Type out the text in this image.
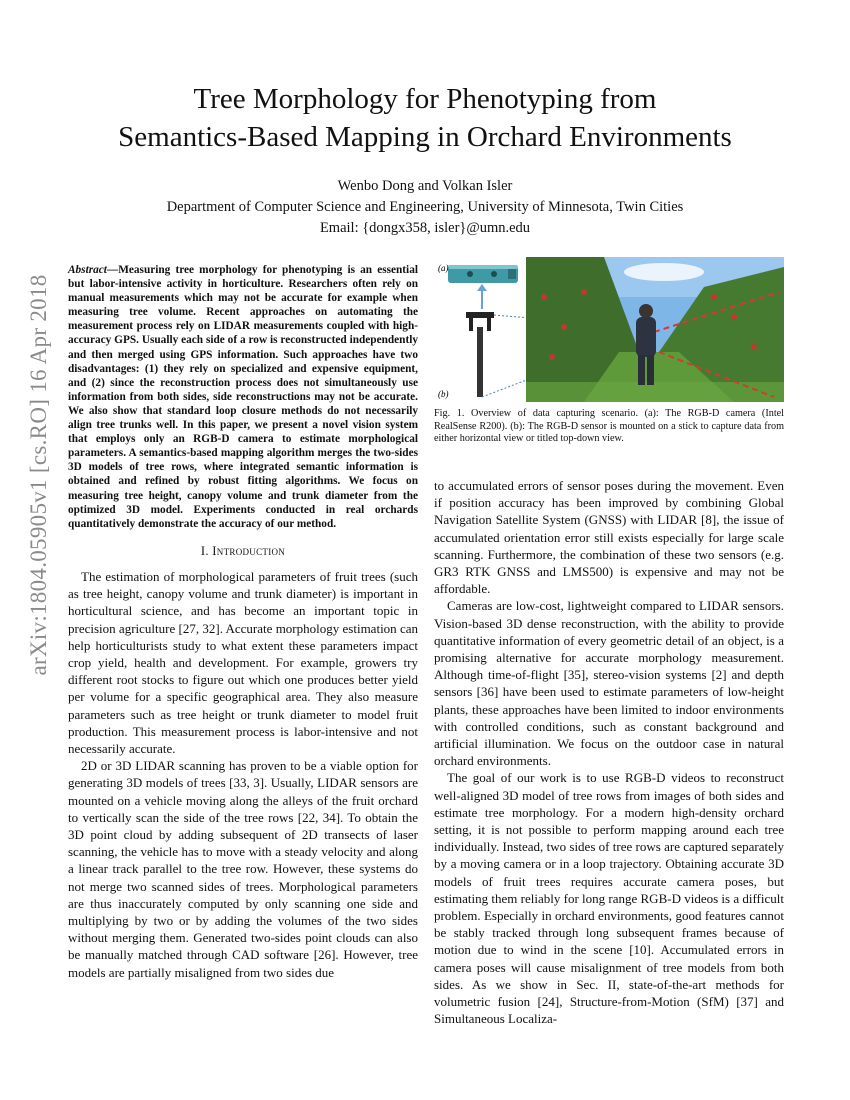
Tree Morphology for Phenotyping from
Semantics-Based Mapping in Orchard Environments
Wenbo Dong and Volkan Isler
Department of Computer Science and Engineering, University of Minnesota, Twin Cities
Email: {dongx358, isler}@umn.edu
arXiv:1804.05905v1 [cs.RO] 16 Apr 2018

Abstract—Measuring tree morphology for phenotyping is an essential but labor-intensive activity in horticulture. Researchers often rely on manual measurements which may not be accurate for example when measuring tree volume. Recent approaches on automating the measurement process rely on LIDAR measurements coupled with high-accuracy GPS. Usually each side of a row is reconstructed independently and then merged using GPS information. Such approaches have two disadvantages: (1) they rely on specialized and expensive equipment, and (2) since the reconstruction process does not simultaneously use information from both sides, side reconstructions may not be accurate. We also show that standard loop closure methods do not necessarily align tree trunks well. In this paper, we present a novel vision system that employs only an RGB-D camera to estimate morphological parameters. A semantics-based mapping algorithm merges the two-sides 3D models of tree rows, where integrated semantic information is obtained and refined by robust fitting algorithms. We focus on measuring tree height, canopy volume and trunk diameter from the optimized 3D model. Experiments conducted in real orchards quantitatively demonstrate the accuracy of our method.

I. Introduction

The estimation of morphological parameters of fruit trees (such as tree height, canopy volume and trunk diameter) is important in horticultural science, and has become an important topic in precision agriculture [27, 32]. Accurate morphology estimation can help horticulturists study to what extent these parameters impact crop yield, health and development. For example, growers try different root stocks to figure out which one produces better yield per volume for a specific geographical area. They also measure parameters such as tree height or trunk diameter to model fruit production. This measurement process is labor-intensive and not necessarily accurate.

2D or 3D LIDAR scanning has proven to be a viable option for generating 3D models of trees [33, 3]. Usually, LIDAR sensors are mounted on a vehicle moving along the alleys of the fruit orchard to vertically scan the side of the tree rows [22, 34]. To obtain the 3D point cloud by adding subsequent of 2D transects of laser scanning, the vehicle has to move with a steady velocity and along a linear track parallel to the tree row. However, these systems do not merge two scanned sides of trees. Morphological parameters are thus inaccurately computed by only scanning one side and multiplying by two or by adding the volumes of the two sides without merging them. Generated two-sides point clouds can also be manually matched through CAD software [26]. However, tree models are partially misaligned from two sides due

(a)
(b)
Fig. 1. Overview of data capturing scenario. (a): The RGB-D camera (Intel RealSense R200). (b): The RGB-D sensor is mounted on a stick to capture data from either horizontal view or titled top-down view.

to accumulated errors of sensor poses during the movement. Even if position accuracy has been improved by combining Global Navigation Satellite System (GNSS) with LIDAR [8], the issue of accumulated orientation error still exists especially for large scale scanning. Furthermore, the combination of these two sensors (e.g. GR3 RTK GNSS and LMS500) is expensive and may not be affordable.

Cameras are low-cost, lightweight compared to LIDAR sensors. Vision-based 3D dense reconstruction, with the ability to provide quantitative information of every geometric detail of an object, is a promising alternative for accurate morphology measurement. Although time-of-flight [35], stereo-vision systems [2] and depth sensors [36] have been used to estimate parameters of low-height plants, these approaches have been limited to indoor environments with controlled conditions, such as constant background and artificial illumination. We focus on the outdoor case in natural orchard environments.

The goal of our work is to use RGB-D videos to reconstruct well-aligned 3D model of tree rows from images of both sides and estimate tree morphology. For a modern high-density orchard setting, it is not possible to perform mapping around each tree individually. Instead, two sides of tree rows are captured separately by a moving camera or in a loop trajectory. Obtaining accurate 3D models of fruit trees requires accurate camera poses, but estimating them reliably for long range RGB-D videos is a difficult problem. Especially in orchard environments, good features cannot be stably tracked through long subsequent frames because of motion due to wind in the scene [10]. Accumulated errors in camera poses will cause misalignment of tree models from both sides. As we show in Sec. II, state-of-the-art methods for volumetric fusion [24], Structure-from-Motion (SfM) [37] and Simultaneous Localiza-
